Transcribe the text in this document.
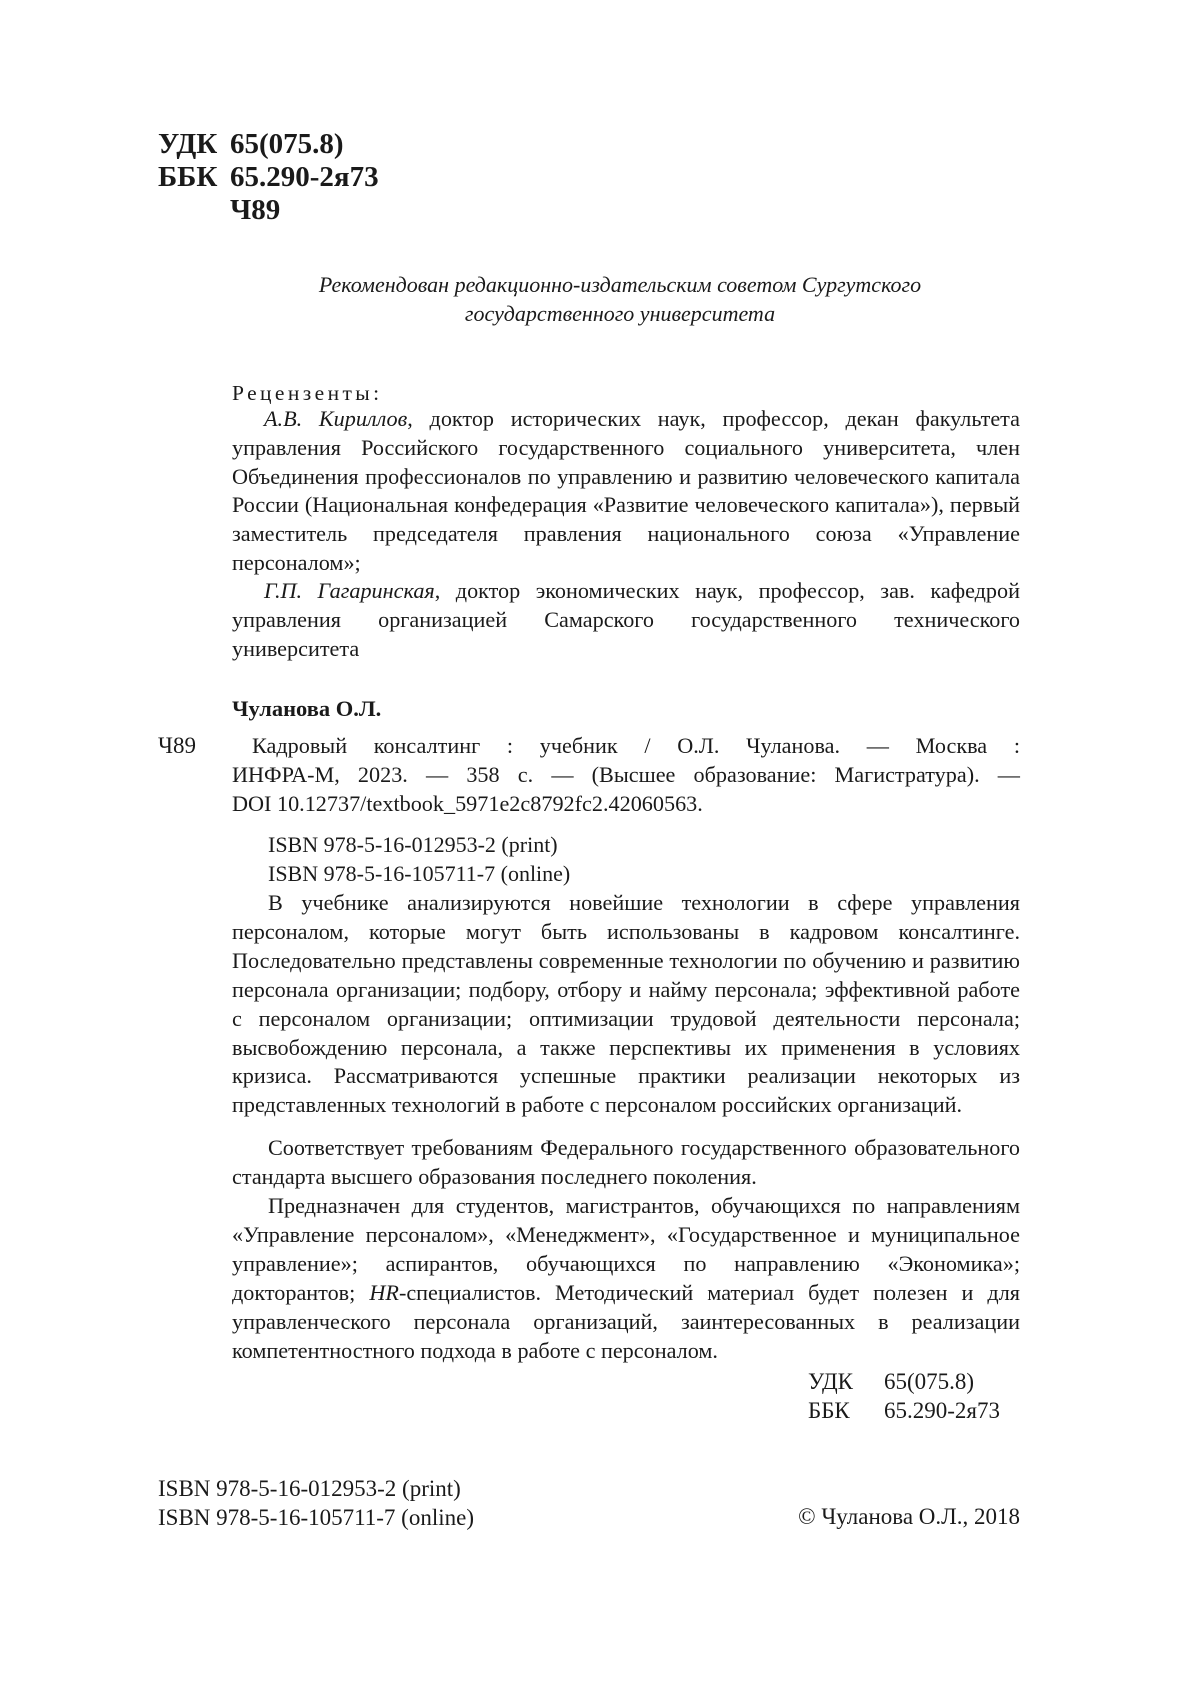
УДК 65(075.8)
ББК 65.290-2я73
Ч89
Рекомендован редакционно-издательским советом Сургутского
государственного университета
Рецензенты:
А.В. Кириллов, доктор исторических наук, профессор, декан факультета управления Российского государственного социального университета, член Объединения профессионалов по управлению и развитию человеческого капитала России (Национальная конфедерация «Развитие человеческого капитала»), первый заместитель председателя правления национального союза «Управление персоналом»;
Г.П. Гагаринская, доктор экономических наук, профессор, зав. кафедрой управления организацией Самарского государственного технического университета
Чуланова О.Л.
Ч89	Кадровый консалтинг : учебник / О.Л. Чуланова. — Москва :
ИНФРА-М, 2023. — 358 с. — (Высшее образование: Магистратура). —
DOI 10.12737/textbook_5971e2c8792fc2.42060563.
ISBN 978-5-16-012953-2 (print)
ISBN 978-5-16-105711-7 (online)
В учебнике анализируются новейшие технологии в сфере управления персоналом, которые могут быть использованы в кадровом консалтинге. Последовательно представлены современные технологии по обучению и развитию персонала организации; подбору, отбору и найму персонала; эффективной работе с персоналом организации; оптимизации трудовой деятельности персонала; высвобождению персонала, а также перспективы их применения в условиях кризиса. Рассматриваются успешные практики реализации некоторых из представленных технологий в работе с персоналом российских организаций.
Соответствует требованиям Федерального государственного образовательного стандарта высшего образования последнего поколения.
Предназначен для студентов, магистрантов, обучающихся по направлениям «Управление персоналом», «Менеджмент», «Государственное и муниципальное управление»; аспирантов, обучающихся по направлению «Экономика»; докторантов; HR-специалистов. Методический материал будет полезен и для управленческого персонала организаций, заинтересованных в реализации компетентностного подхода в работе с персоналом.
УДК	65(075.8)
ББК	65.290-2я73
ISBN 978-5-16-012953-2 (print)
ISBN 978-5-16-105711-7 (online)	© Чуланова О.Л., 2018
